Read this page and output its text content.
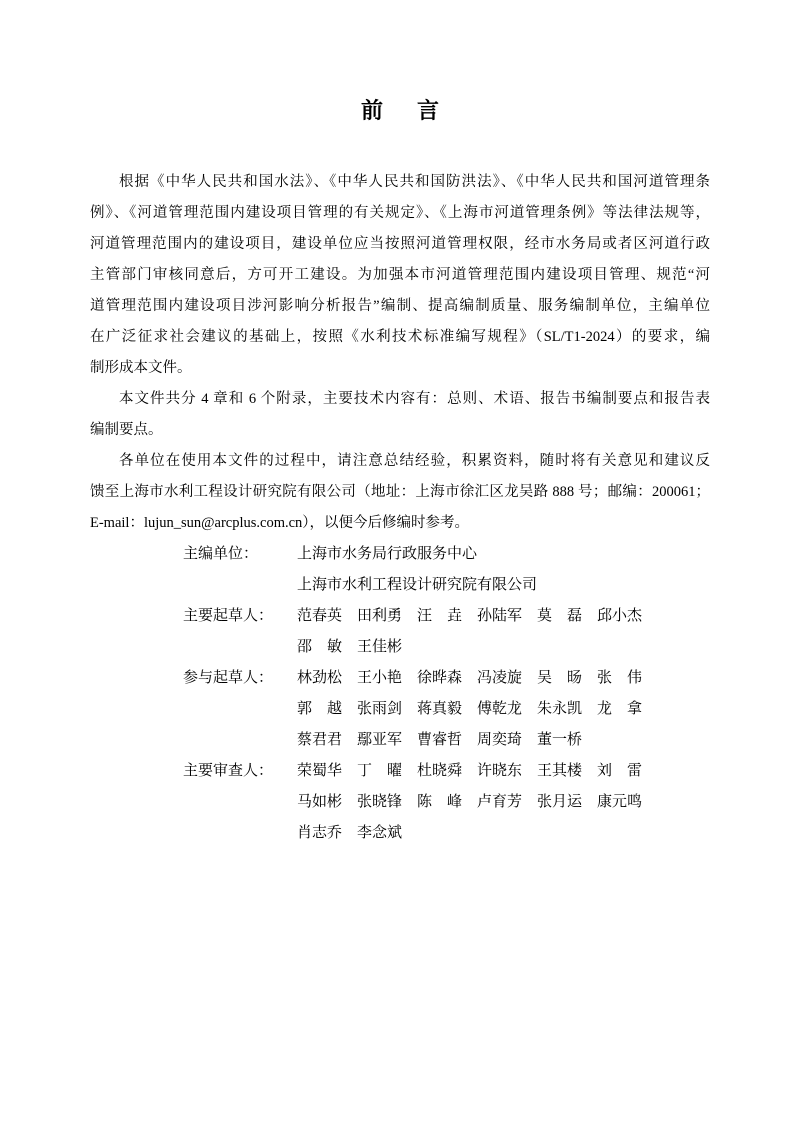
前　言
根据《中华人民共和国水法》、《中华人民共和国防洪法》、《中华人民共和国河道管理条
例》、《河道管理范围内建设项目管理的有关规定》、《上海市河道管理条例》等法律法规等，
河道管理范围内的建设项目，建设单位应当按照河道管理权限，经市水务局或者区河道行政
主管部门审核同意后，方可开工建设。为加强本市河道管理范围内建设项目管理、规范“河
道管理范围内建设项目涉河影响分析报告”编制、提高编制质量、服务编制单位，主编单位
在广泛征求社会建议的基础上，按照《水利技术标准编写规程》（SL/T1-2024）的要求，编
制形成本文件。
本文件共分 4 章和 6 个附录，主要技术内容有：总则、术语、报告书编制要点和报告表
编制要点。
各单位在使用本文件的过程中，请注意总结经验，积累资料，随时将有关意见和建议反
馈至上海市水利工程设计研究院有限公司（地址：上海市徐汇区龙吴路 888 号；邮编：200061；
E-mail：lujun_sun@arcplus.com.cn），以便今后修编时参考。
主编单位：	上海市水务局行政服务中心
上海市水利工程设计研究院有限公司
主要起草人：	范春英　田利勇　汪　垚　孙陆军　莫　磊　邱小杰
邵　敏　王佳彬
参与起草人：	林劲松　王小艳　徐晔森　冯凌旋　吴　旸　张　伟
郭　越　张雨剑　蒋真毅　傅乾龙　朱永凯　龙　拿
蔡君君　鄢亚军　曹睿哲　周奕琦　董一桥
主要审查人：	荣蜀华　丁　曜　杜晓舜　许晓东　王其楼　刘　雷
马如彬　张晓锋　陈　峰　卢育芳　张月运　康元鸣
肖志乔　李念斌
